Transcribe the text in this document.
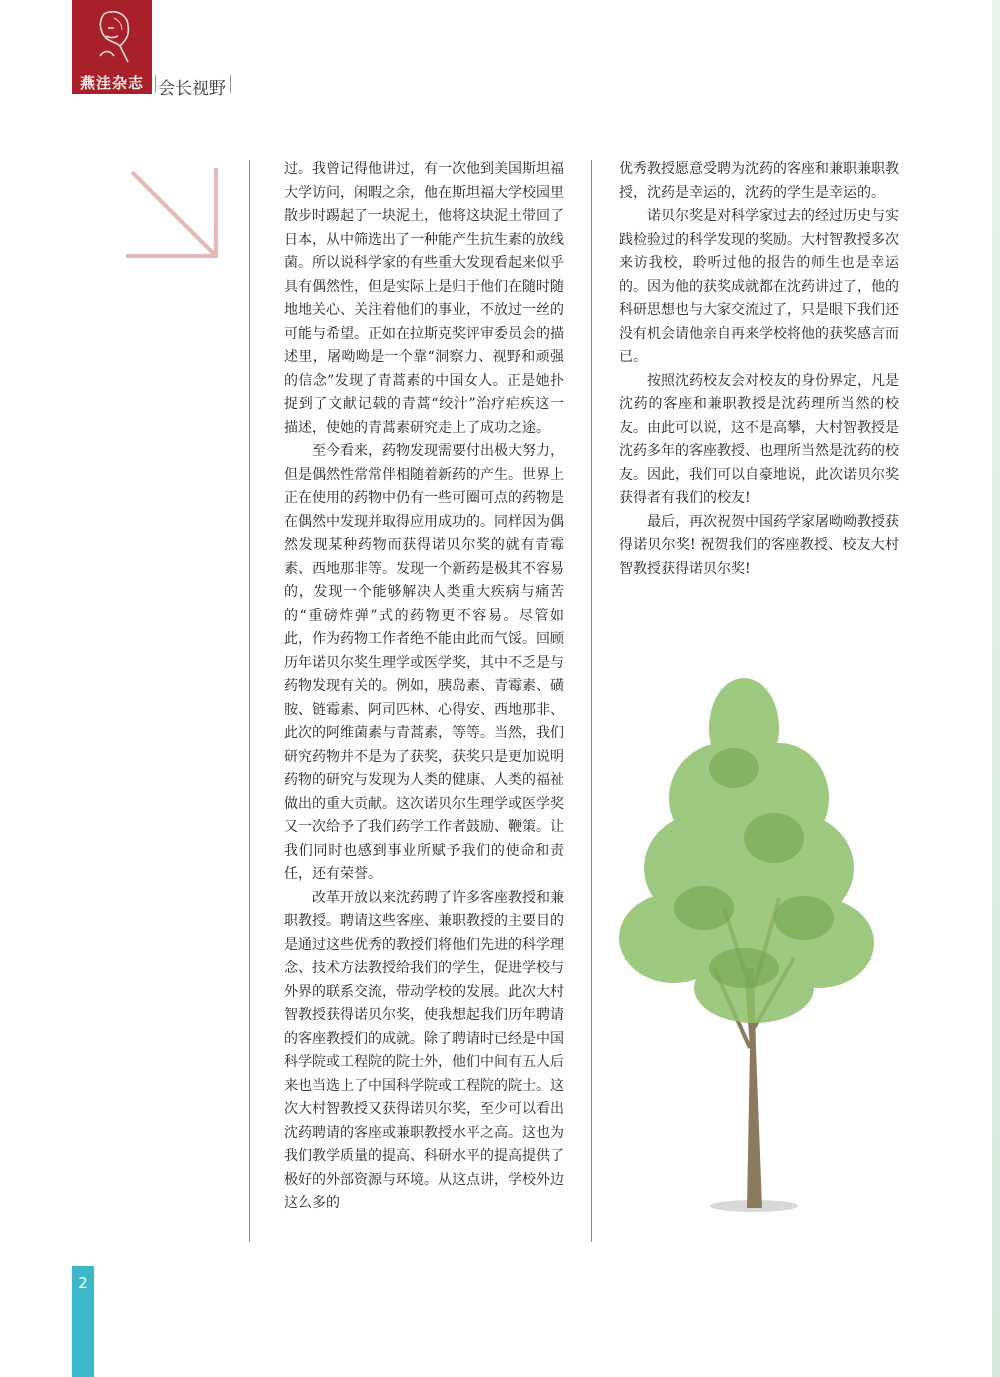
燕洼杂志 会长视野

过。我曾记得他讲过，有一次他到美国斯坦福大学访问，闲暇之余，他在斯坦福大学校园里散步时踢起了一块泥土，他将这块泥土带回了日本，从中筛选出了一种能产生抗生素的放线菌。所以说科学家的有些重大发现看起来似乎具有偶然性，但是实际上是归于他们在随时随地地关心、关注着他们的事业，不放过一丝的可能与希望。正如在拉斯克奖评审委员会的描述里，屠呦呦是一个靠“洞察力、视野和顽强的信念”发现了青蒿素的中国女人。正是她扑捉到了文献记载的青蒿“绞汁”治疗疟疾这一描述，使她的青蒿素研究走上了成功之途。

至今看来，药物发现需要付出极大努力，但是偶然性常常伴相随着新药的产生。世界上正在使用的药物中仍有一些可圈可点的药物是在偶然中发现并取得应用成功的。同样因为偶然发现某种药物而获得诺贝尔奖的就有青霉素、西地那非等。发现一个新药是极其不容易的，发现一个能够解决人类重大疾病与痛苦的“重磅炸弹”式的药物更不容易。尽管如此，作为药物工作者绝不能由此而气馁。回顾历年诺贝尔奖生理学或医学奖，其中不乏是与药物发现有关的。例如，胰岛素、青霉素、磺胺、链霉素、阿司匹林、心得安、西地那非、此次的阿维菌素与青蒿素，等等。当然，我们研究药物并不是为了获奖，获奖只是更加说明药物的研究与发现为人类的健康、人类的福祉做出的重大贡献。这次诺贝尔生理学或医学奖又一次给予了我们药学工作者鼓励、鞭策。让我们同时也感到事业所赋予我们的使命和责任，还有荣誉。

改革开放以来沈药聘了许多客座教授和兼职教授。聘请这些客座、兼职教授的主要目的是通过这些优秀的教授们将他们先进的科学理念、技术方法教授给我们的学生，促进学校与外界的联系交流，带动学校的发展。此次大村智教授获得诺贝尔奖，使我想起我们历年聘请的客座教授们的成就。除了聘请时已经是中国科学院或工程院的院士外，他们中间有五人后来也当选上了中国科学院或工程院的院士。这次大村智教授又获得诺贝尔奖，至少可以看出沈药聘请的客座或兼职教授水平之高。这也为我们教学质量的提高、科研水平的提高提供了极好的外部资源与环境。从这点讲，学校外边这么多的

优秀教授愿意受聘为沈药的客座和兼职兼职教授，沈药是幸运的，沈药的学生是幸运的。

诺贝尔奖是对科学家过去的经过历史与实践检验过的科学发现的奖励。大村智教授多次来访我校，聆听过他的报告的师生也是幸运的。因为他的获奖成就都在沈药讲过了，他的科研思想也与大家交流过了，只是眼下我们还没有机会请他亲自再来学校将他的获奖感言而已。

按照沈药校友会对校友的身份界定，凡是沈药的客座和兼职教授是沈药理所当然的校友。由此可以说，这不是高攀，大村智教授是沈药多年的客座教授、也理所当然是沈药的校友。因此，我们可以自豪地说，此次诺贝尔奖获得者有我们的校友!

最后，再次祝贺中国药学家屠呦呦教授获得诺贝尔奖! 祝贺我们的客座教授、校友大村智教授获得诺贝尔奖!

2
